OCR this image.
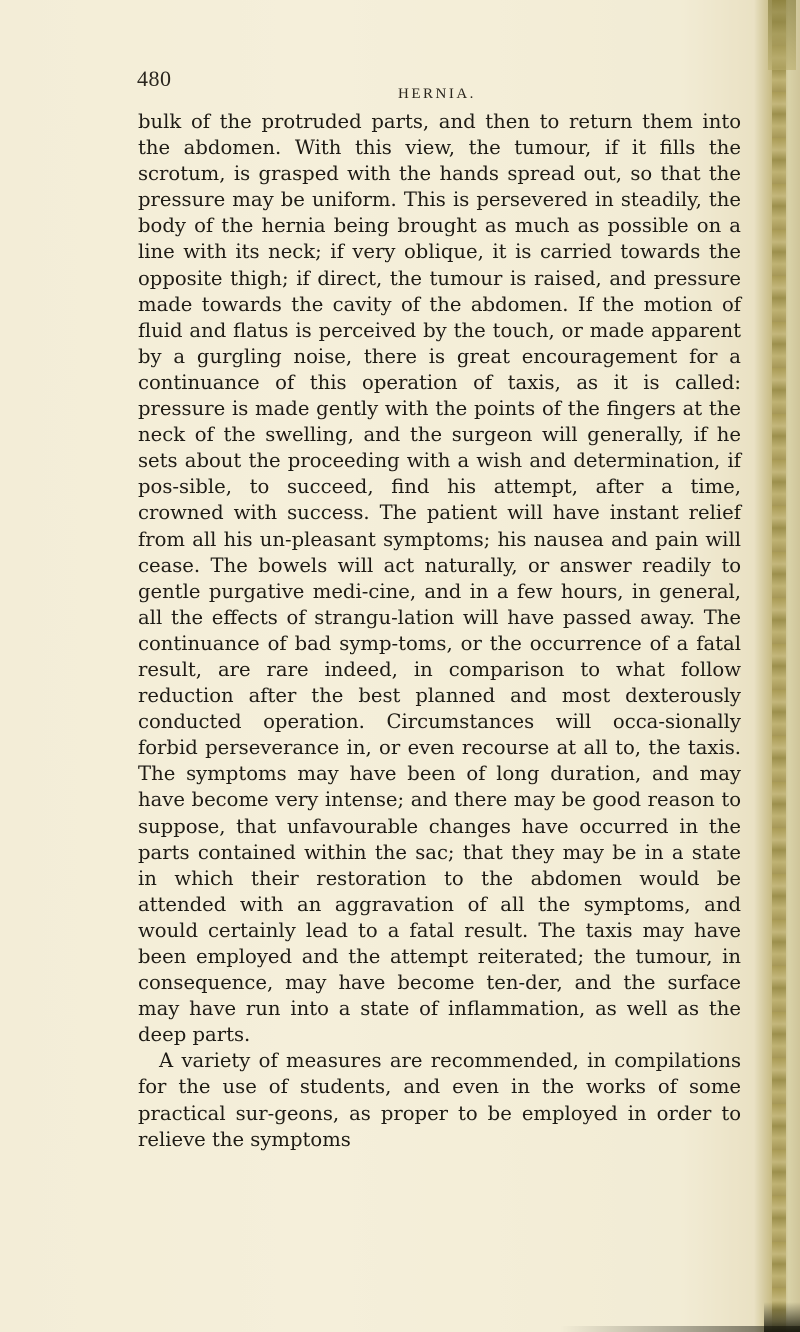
480
HERNIA.

bulk of the protruded parts, and then to return them into the abdomen. With this view, the tumour, if it fills the scrotum, is grasped with the hands spread out, so that the pressure may be uniform. This is persevered in steadily, the body of the hernia being brought as much as possible on a line with its neck; if very oblique, it is carried towards the opposite thigh; if direct, the tumour is raised, and pressure made towards the cavity of the abdomen. If the motion of fluid and flatus is perceived by the touch, or made apparent by a gurgling noise, there is great encouragement for a continuance of this operation of taxis, as it is called: pressure is made gently with the points of the fingers at the neck of the swelling, and the surgeon will generally, if he sets about the proceeding with a wish and determination, if pos-sible, to succeed, find his attempt, after a time, crowned with success. The patient will have instant relief from all his un-pleasant symptoms; his nausea and pain will cease. The bowels will act naturally, or answer readily to gentle purgative medi-cine, and in a few hours, in general, all the effects of strangu-lation will have passed away. The continuance of bad symp-toms, or the occurrence of a fatal result, are rare indeed, in comparison to what follow reduction after the best planned and most dexterously conducted operation. Circumstances will occa-sionally forbid perseverance in, or even recourse at all to, the taxis. The symptoms may have been of long duration, and may have become very intense; and there may be good reason to suppose, that unfavourable changes have occurred in the parts contained within the sac; that they may be in a state in which their restoration to the abdomen would be attended with an aggravation of all the symptoms, and would certainly lead to a fatal result. The taxis may have been employed and the attempt reiterated; the tumour, in consequence, may have become ten-der, and the surface may have run into a state of inflammation, as well as the deep parts.

A variety of measures are recommended, in compilations for the use of students, and even in the works of some practical sur-geons, as proper to be employed in order to relieve the symptoms
